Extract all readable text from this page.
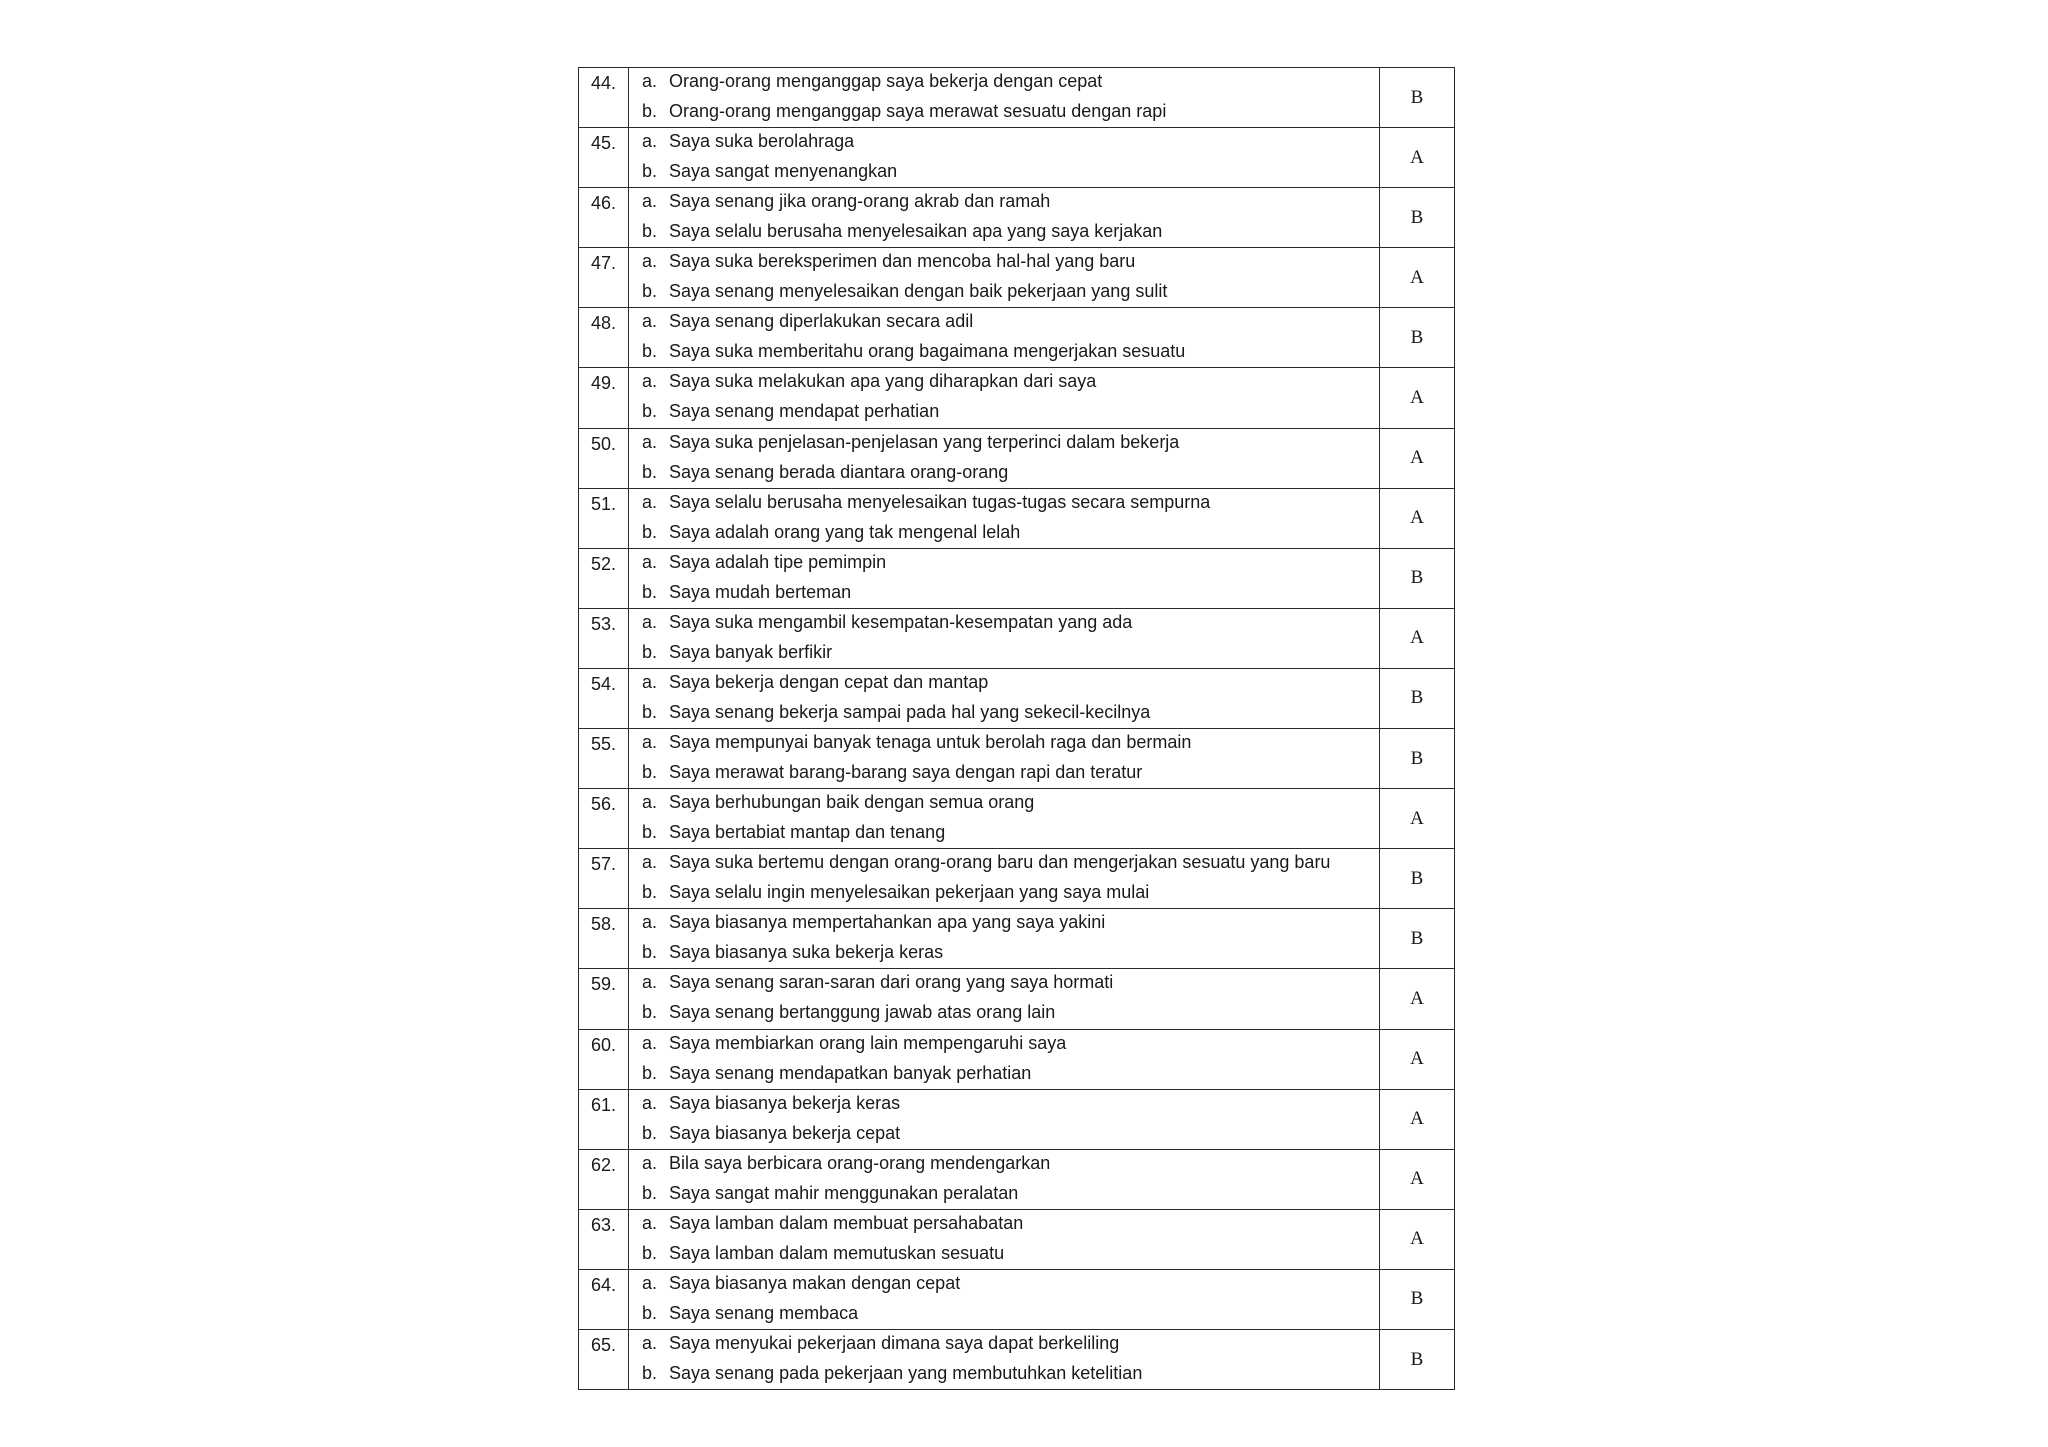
44.	a. Orang-orang menganggap saya bekerja dengan cepat
b. Orang-orang menganggap saya merawat sesuatu dengan rapi	B
45.	a. Saya suka berolahraga
b. Saya sangat menyenangkan	A
46.	a. Saya senang jika orang-orang akrab dan ramah
b. Saya selalu berusaha menyelesaikan apa yang saya kerjakan	B
47.	a. Saya suka bereksperimen dan mencoba hal-hal yang baru
b. Saya senang menyelesaikan dengan baik pekerjaan yang sulit	A
48.	a. Saya senang diperlakukan secara adil
b. Saya suka memberitahu orang bagaimana mengerjakan sesuatu	B
49.	a. Saya suka melakukan apa yang diharapkan dari saya
b. Saya senang mendapat perhatian	A
50.	a. Saya suka penjelasan-penjelasan yang terperinci dalam bekerja
b. Saya senang berada diantara orang-orang	A
51.	a. Saya selalu berusaha menyelesaikan tugas-tugas secara sempurna
b. Saya adalah orang yang tak mengenal lelah	A
52.	a. Saya adalah tipe pemimpin
b. Saya mudah berteman	B
53.	a. Saya suka mengambil kesempatan-kesempatan yang ada
b. Saya banyak berfikir	A
54.	a. Saya bekerja dengan cepat dan mantap
b. Saya senang bekerja sampai pada hal yang sekecil-kecilnya	B
55.	a. Saya mempunyai banyak tenaga untuk berolah raga dan bermain
b. Saya merawat barang-barang saya dengan rapi dan teratur	B
56.	a. Saya berhubungan baik dengan semua orang
b. Saya bertabiat mantap dan tenang	A
57.	a. Saya suka bertemu dengan orang-orang baru dan mengerjakan sesuatu yang baru
b. Saya selalu ingin menyelesaikan pekerjaan yang saya mulai	B
58.	a. Saya biasanya mempertahankan apa yang saya yakini
b. Saya biasanya suka bekerja keras	B
59.	a. Saya senang saran-saran dari orang yang saya hormati
b. Saya senang bertanggung jawab atas orang lain	A
60.	a. Saya membiarkan orang lain mempengaruhi saya
b. Saya senang mendapatkan banyak perhatian	A
61.	a. Saya biasanya bekerja keras
b. Saya biasanya bekerja cepat	A
62.	a. Bila saya berbicara orang-orang mendengarkan
b. Saya sangat mahir menggunakan peralatan	A
63.	a. Saya lamban dalam membuat persahabatan
b. Saya lamban dalam memutuskan sesuatu	A
64.	a. Saya biasanya makan dengan cepat
b. Saya senang membaca	B
65.	a. Saya menyukai pekerjaan dimana saya dapat berkeliling
b. Saya senang pada pekerjaan yang membutuhkan ketelitian	B
